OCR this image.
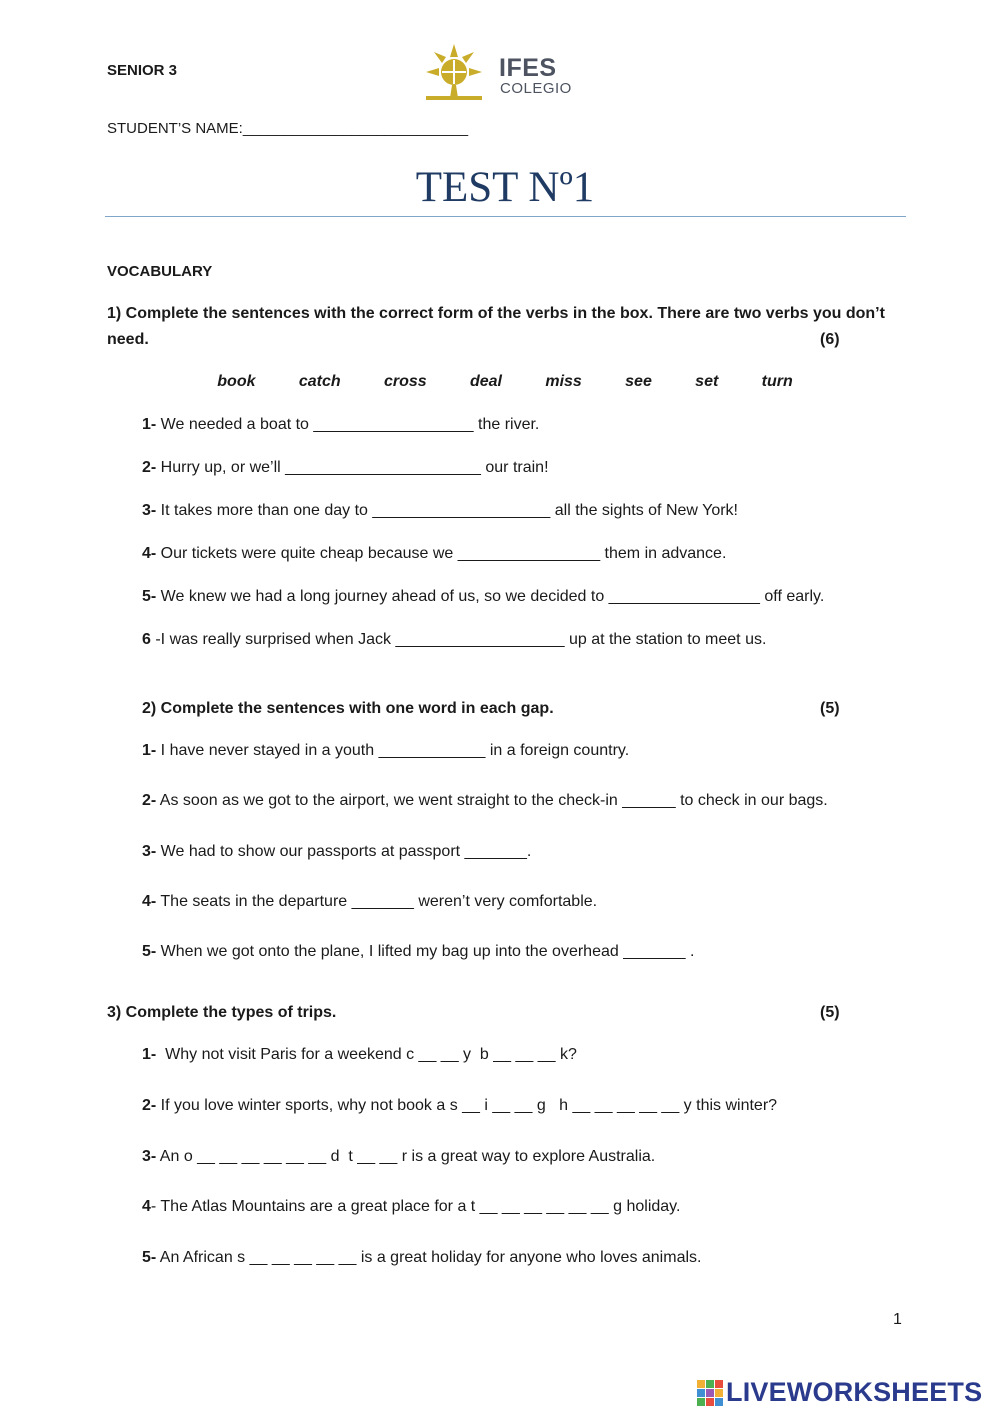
SENIOR 3	IFES
COLEGIO
STUDENT’S NAME:___________________________
TEST Nº1
VOCABULARY
1) Complete the sentences with the correct form of the verbs in the box. There are two verbs you don’t
need.	(6)
book   catch   cross   deal   miss   see   set   turn
1- We needed a boat to __________________ the river.
2- Hurry up, or we’ll ______________________ our train!
3- It takes more than one day to ____________________ all the sights of New York!
4- Our tickets were quite cheap because we ________________ them in advance.
5- We knew we had a long journey ahead of us, so we decided to _________________ off early.
6 -I was really surprised when Jack ___________________ up at the station to meet us.
2) Complete the sentences with one word in each gap.	(5)
1- I have never stayed in a youth ____________ in a foreign country.
2- As soon as we got to the airport, we went straight to the check-in ______ to check in our bags.
3- We had to show our passports at passport _______.
4- The seats in the departure _______ weren’t very comfortable.
5- When we got onto the plane, I lifted my bag up into the overhead _______ .
3) Complete the types of trips.	(5)
1-  Why not visit Paris for a weekend c __ __ y  b __ __ __ k?
2- If you love winter sports, why not book a s __ i __ __ g   h __ __ __ __ __ y this winter?
3- An o __ __ __ __ __ __ d  t __ __ r is a great way to explore Australia.
4- The Atlas Mountains are a great place for a t __ __ __ __ __ __ g holiday.
5- An African s __ __ __ __ __ is a great holiday for anyone who loves animals.
1
LIVEWORKSHEETS
